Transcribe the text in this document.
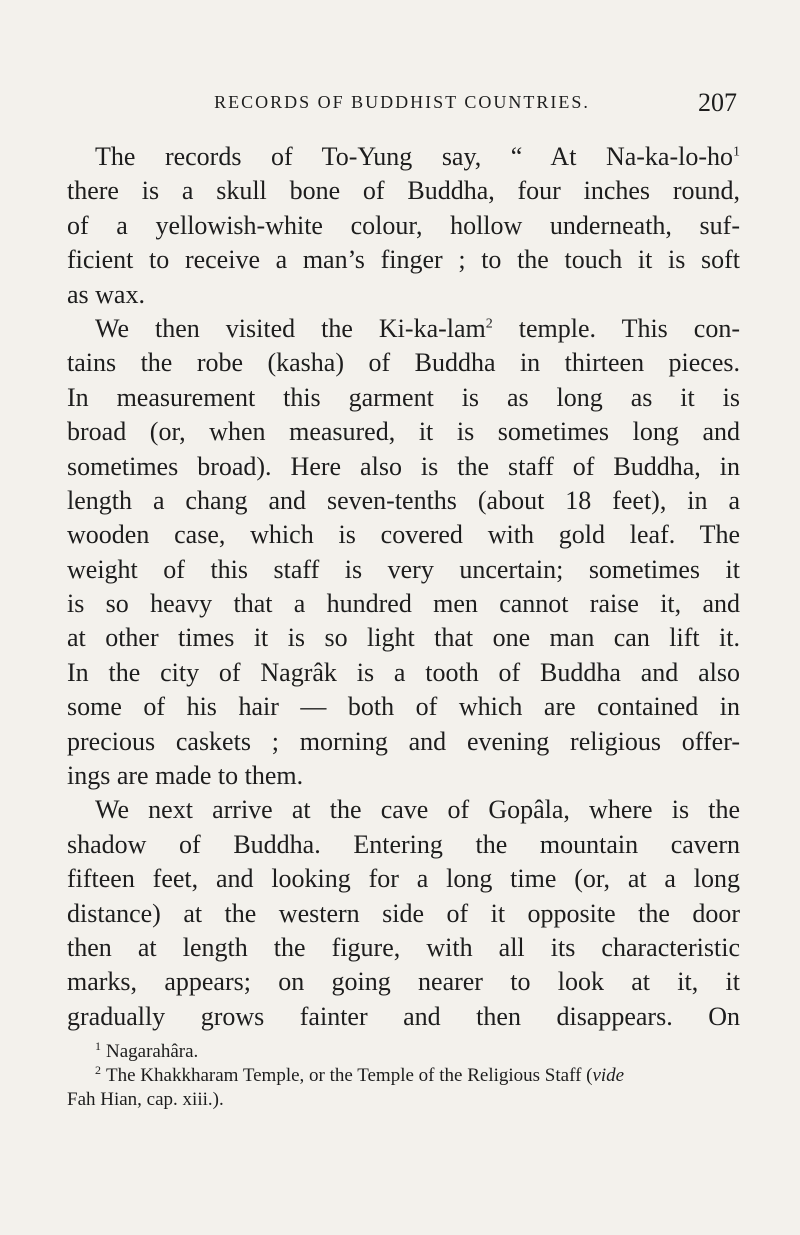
RECORDS OF BUDDHIST COUNTRIES.	207
The records of To-Yung say, “ At Na-ka-lo-ho$^1$
there is a skull bone of Buddha, four inches round,
of a yellowish-white colour, hollow underneath, suf-
ficient to receive a man’s finger ; to the touch it is soft
as wax.
We then visited the Ki-ka-lam$^2$ temple. This con-
tains the robe (kasha) of Buddha in thirteen pieces.
In measurement this garment is as long as it is
broad (or, when measured, it is sometimes long and
sometimes broad). Here also is the staff of Buddha, in
length a chang and seven-tenths (about 18 feet), in a
wooden case, which is covered with gold leaf. The
weight of this staff is very uncertain; sometimes it
is so heavy that a hundred men cannot raise it, and
at other times it is so light that one man can lift it.
In the city of Nagrâk is a tooth of Buddha and also
some of his hair — both of which are contained in
precious caskets ; morning and evening religious offer-
ings are made to them.
We next arrive at the cave of Gopâla, where is the
shadow of Buddha. Entering the mountain cavern
fifteen feet, and looking for a long time (or, at a long
distance) at the western side of it opposite the door
then at length the figure, with all its characteristic
marks, appears; on going nearer to look at it, it
gradually grows fainter and then disappears. On
$^1$ Nagarahâra.
$^2$ The Khakkharam Temple, or the Temple of the Religious Staff (vide
Fah Hian, cap. xiii.).
